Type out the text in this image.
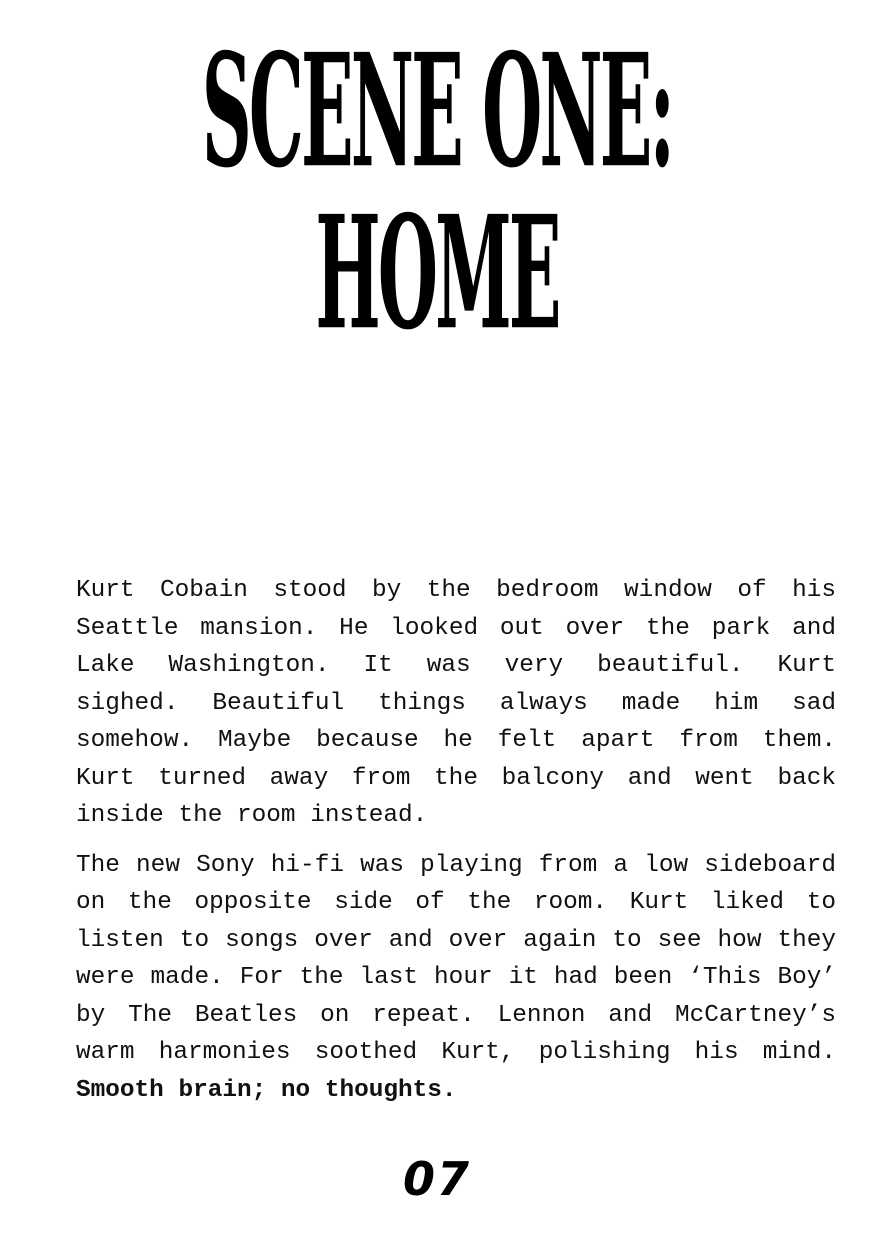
SCENE ONE:
HOME

Kurt Cobain stood by the bedroom window of his Seattle mansion. He looked out over the park and Lake Washington. It was very beautiful. Kurt sighed. Beautiful things always made him sad somehow. Maybe because he felt apart from them. Kurt turned away from the balcony and went back inside the room instead.

The new Sony hi-fi was playing from a low sideboard on the opposite side of the room. Kurt liked to listen to songs over and over again to see how they were made. For the last hour it had been ‘This Boy’ by The Beatles on repeat. Lennon and McCartney’s warm harmonies soothed Kurt, polishing his mind. Smooth brain; no thoughts.

07
